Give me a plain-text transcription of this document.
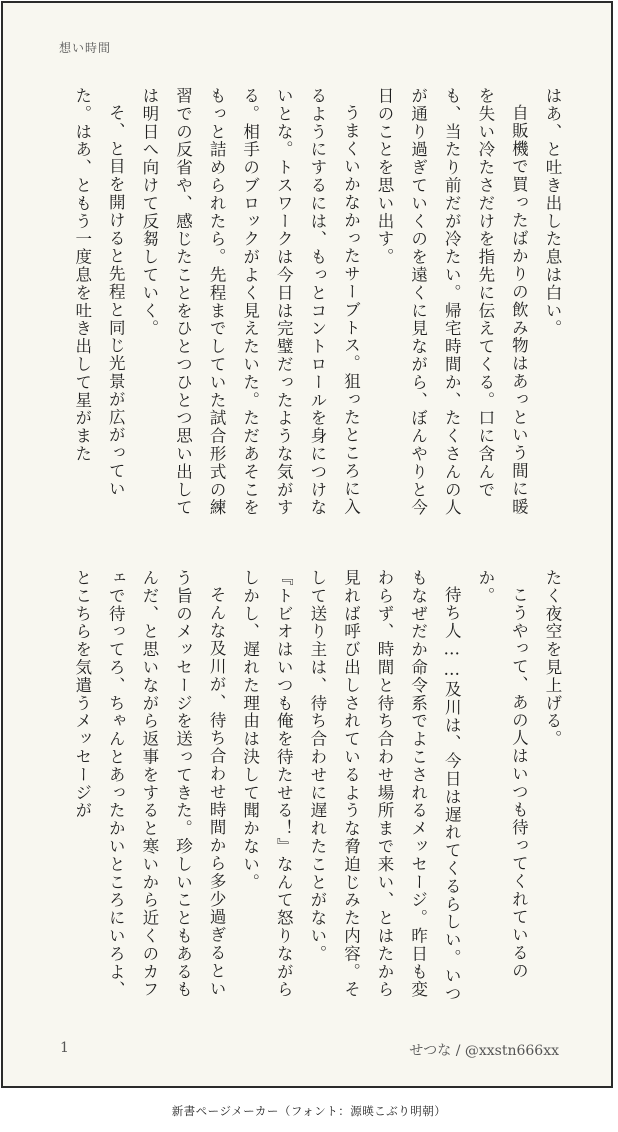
想い時間

はあ、と吐き出した息は白い。

自販機で買ったばかりの飲み物はあっという間に暖を失い冷たさだけを指先に伝えてくる。口に含んでも、当たり前だが冷たい。帰宅時間か、たくさんの人が通り過ぎていくのを遠くに見ながら、ぼんやりと今日のことを思い出す。

うまくいかなかったサーブトス。狙ったところに入るようにするには、もっとコントロールを身につけないとな。トスワークは今日は完璧だったような気がする。相手のブロックがよく見えたいた。ただあそこをもっと詰められたら。先程までしていた試合形式の練習での反省や、感じたことをひとつひとつ思い出しては明日へ向けて反芻していく。

そ、と目を開けると先程と同じ光景が広がっていた。はあ、ともう一度息を吐き出して星がまた

たく夜空を見上げる。

こうやって、あの人はいつも待ってくれているのか。

待ち人……及川は、今日は遅れてくるらしい。いつもなぜだか命令系でよこされるメッセージ。昨日も変わらず、時間と待ち合わせ場所まで来い、とはたから見れば呼び出しされているような脅迫じみた内容。そして送り主は、待ち合わせに遅れたことがない。

『トビオはいつも俺を待たせる！』なんて怒りながらしかし、遅れた理由は決して聞かない。

そんな及川が、待ち合わせ時間から多少過ぎるという旨のメッセージを送ってきた。珍しいこともあるもんだ、と思いながら返事をすると寒いから近くのカフェで待ってろ、ちゃんとあったかいところにいろよ、とこちらを気遣うメッセージが

1	せつな / @xxstn666xx
新書ページメーカー（フォント：源暎こぶり明朝）
